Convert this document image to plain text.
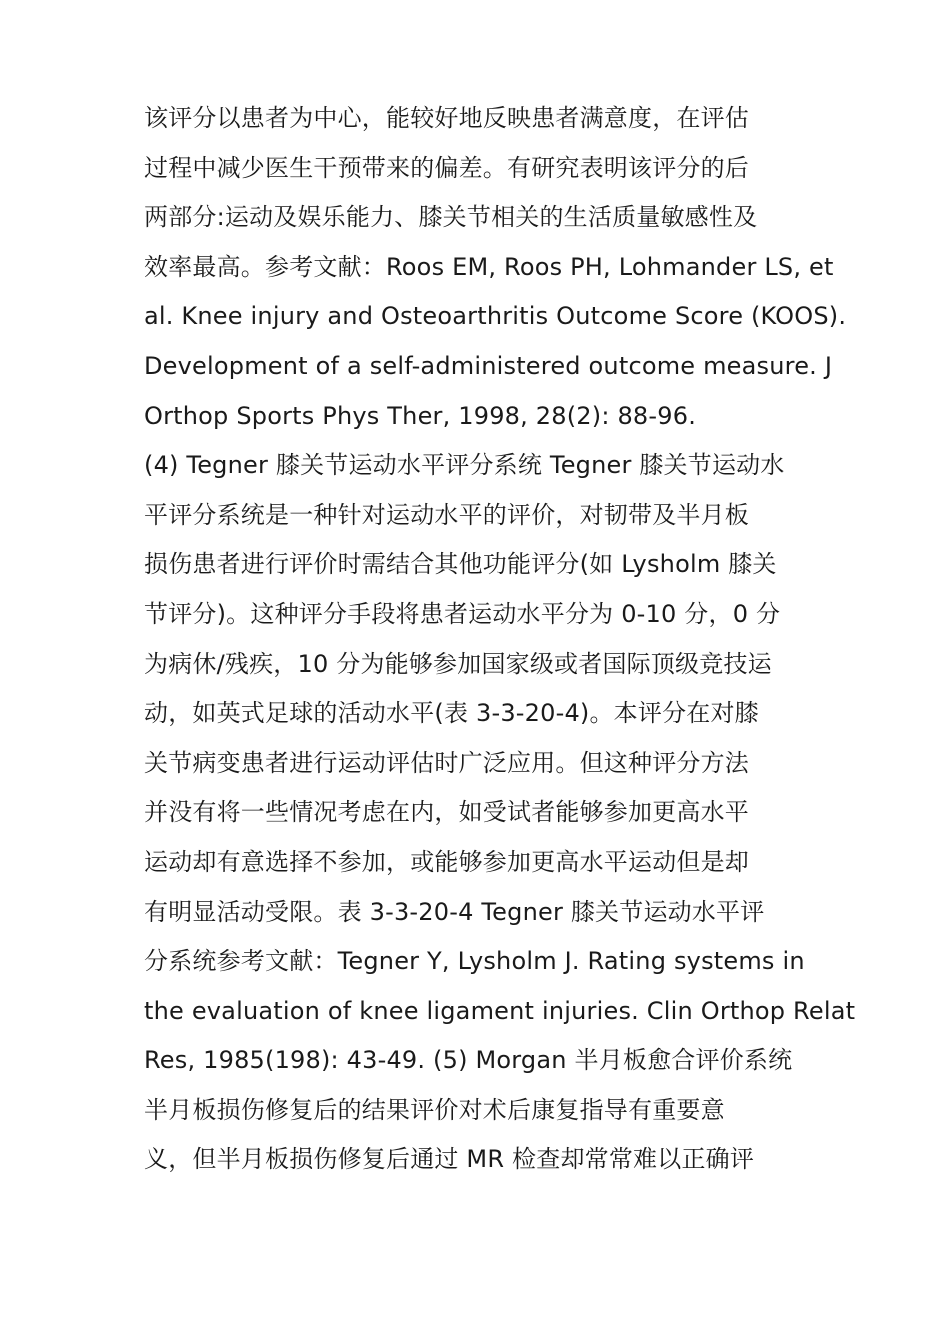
该评分以患者为中心，能较好地反映患者满意度，在评估
过程中减少医生干预带来的偏差。有研究表明该评分的后
两部分:运动及娱乐能力、膝关节相关的生活质量敏感性及
效率最高。参考文献：Roos EM, Roos PH, Lohmander LS, et
al. Knee injury and Osteoarthritis Outcome Score (KOOS).
Development of a self-administered outcome measure. J
Orthop Sports Phys Ther, 1998, 28(2): 88-96.
(4) Tegner 膝关节运动水平评分系统 Tegner 膝关节运动水
平评分系统是一种针对运动水平的评价，对韧带及半月板
损伤患者进行评价时需结合其他功能评分(如 Lysholm 膝关
节评分)。这种评分手段将患者运动水平分为 0-10 分，0 分
为病休/残疾，10 分为能够参加国家级或者国际顶级竞技运
动，如英式足球的活动水平(表 3-3-20-4)。本评分在对膝
关节病变患者进行运动评估时广泛应用。但这种评分方法
并没有将一些情况考虑在内，如受试者能够参加更高水平
运动却有意选择不参加，或能够参加更高水平运动但是却
有明显活动受限。表 3-3-20-4 Tegner 膝关节运动水平评
分系统参考文献：Tegner Y, Lysholm J. Rating systems in
the evaluation of knee ligament injuries. Clin Orthop Relat
Res, 1985(198): 43-49. (5) Morgan 半月板愈合评价系统
半月板损伤修复后的结果评价对术后康复指导有重要意
义，但半月板损伤修复后通过 MR 检查却常常难以正确评
